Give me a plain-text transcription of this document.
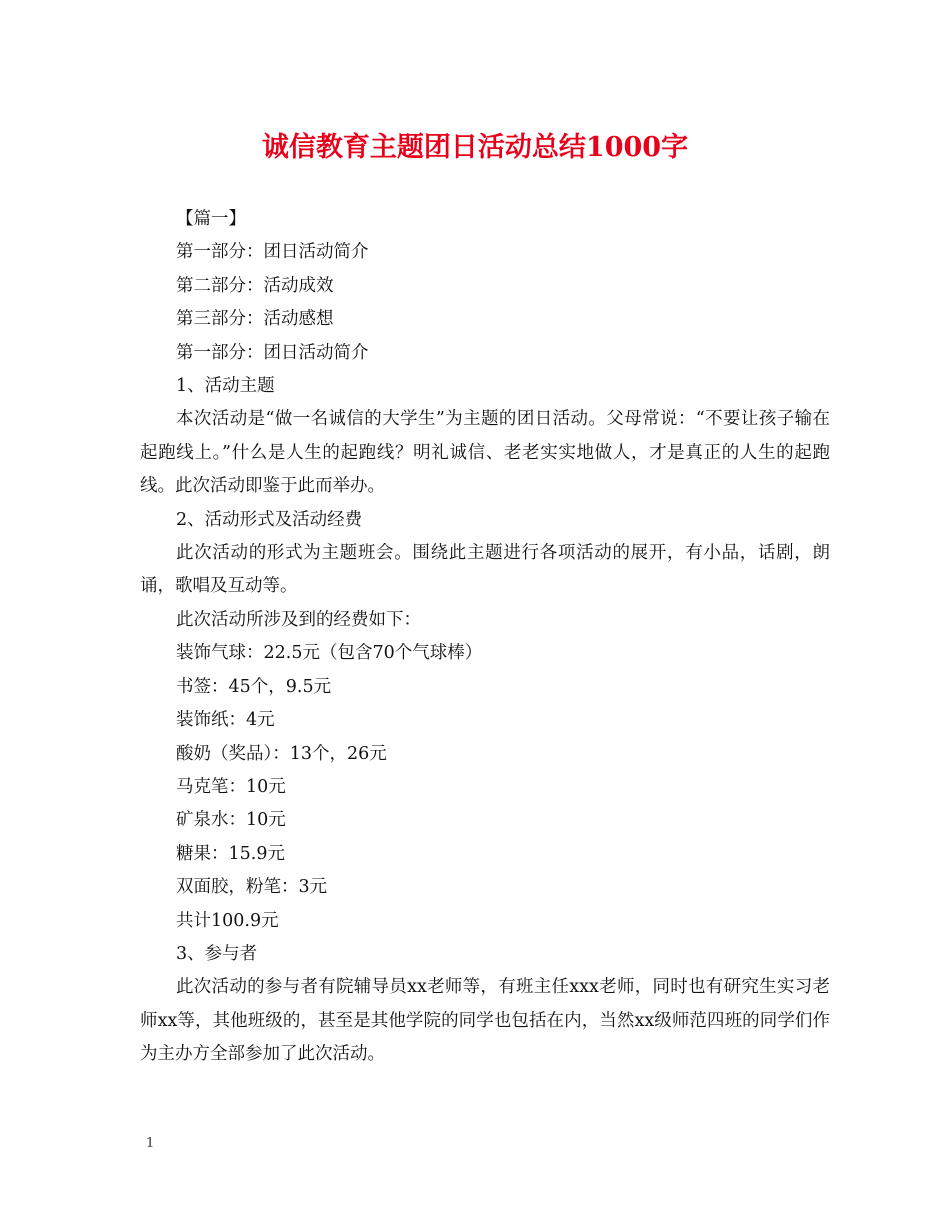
诚信教育主题团日活动总结1000字
【篇一】
第一部分：团日活动简介
第二部分：活动成效
第三部分：活动感想
第一部分：团日活动简介
1、活动主题
本次活动是“做一名诚信的大学生”为主题的团日活动。父母常说：“不要让孩子输在起跑线上。”什么是人生的起跑线？明礼诚信、老老实实地做人，才是真正的人生的起跑线。此次活动即鉴于此而举办。
2、活动形式及活动经费
此次活动的形式为主题班会。围绕此主题进行各项活动的展开，有小品，话剧，朗诵，歌唱及互动等。
此次活动所涉及到的经费如下：
装饰气球：22.5元（包含70个气球棒）
书签：45个，9.5元
装饰纸：4元
酸奶（奖品）：13个，26元
马克笔：10元
矿泉水：10元
糖果：15.9元
双面胶，粉笔：3元
共计100.9元
3、参与者
此次活动的参与者有院辅导员xx老师等，有班主任xxx老师，同时也有研究生实习老师xx等，其他班级的，甚至是其他学院的同学也包括在内，当然xx级师范四班的同学们作为主办方全部参加了此次活动。
1
